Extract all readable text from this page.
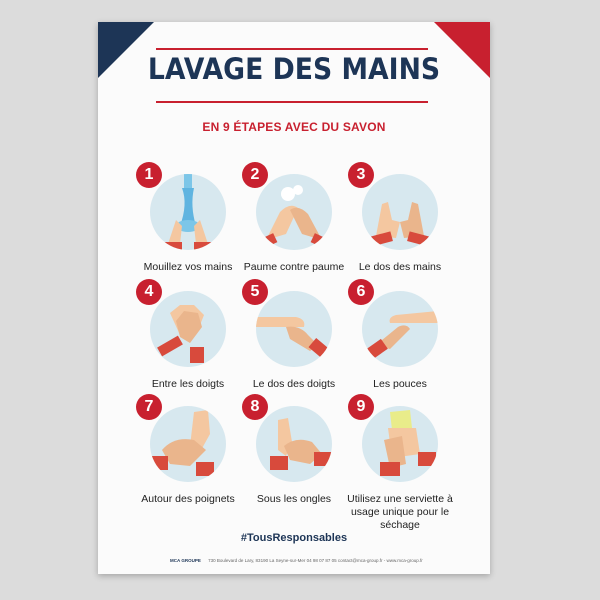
LAVAGE DES MAINS
EN 9 ÉTAPES AVEC DU SAVON
1
Mouillez vos mains
2
Paume contre paume
3
Le dos des mains
4
Entre les doigts
5
Le dos des doigts
6
Les pouces
7
Autour des poignets
8
Sous les ongles
9
Utilisez une serviette à usage unique pour le séchage
#TousResponsables
MCA GROUPE 730 Boulevard de Lary, 83190 La Seyne-sur-Mer 04 98 07 87 05 contact@mca-group.fr - www.mca-group.fr
